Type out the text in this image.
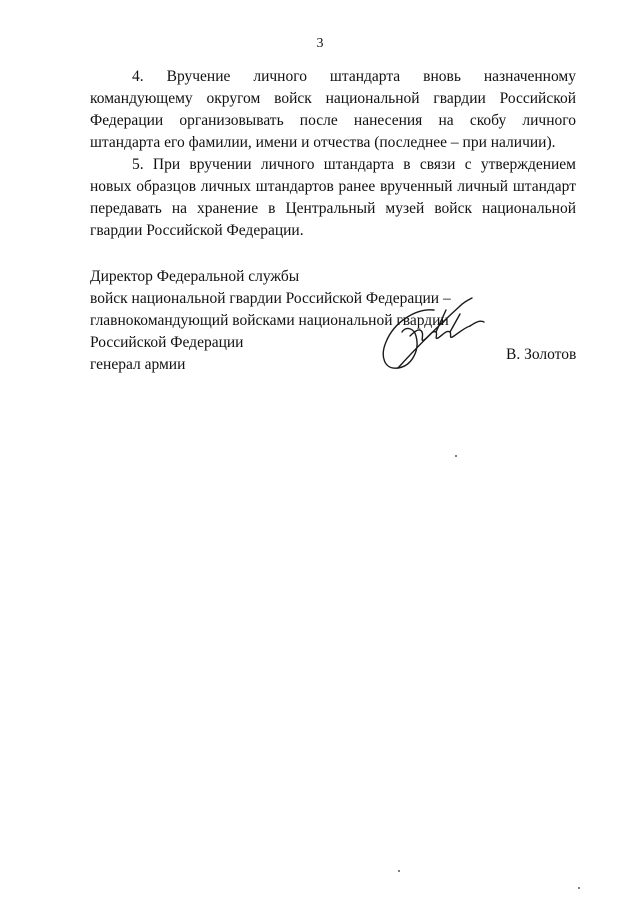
3

4. Вручение личного штандарта вновь назначенному командующему округом войск национальной гвардии Российской Федерации организовывать после нанесения на скобу личного штандарта его фамилии, имени и отчества (последнее – при наличии).

5. При вручении личного штандарта в связи с утверждением новых образцов личных штандартов ранее врученный личный штандарт передавать на хранение в Центральный музей войск национальной гвардии Российской Федерации.

Директор Федеральной службы
войск национальной гвардии Российской Федерации –
главнокомандующий войсками национальной гвардии
Российской Федерации
генерал армии
В. Золотов
